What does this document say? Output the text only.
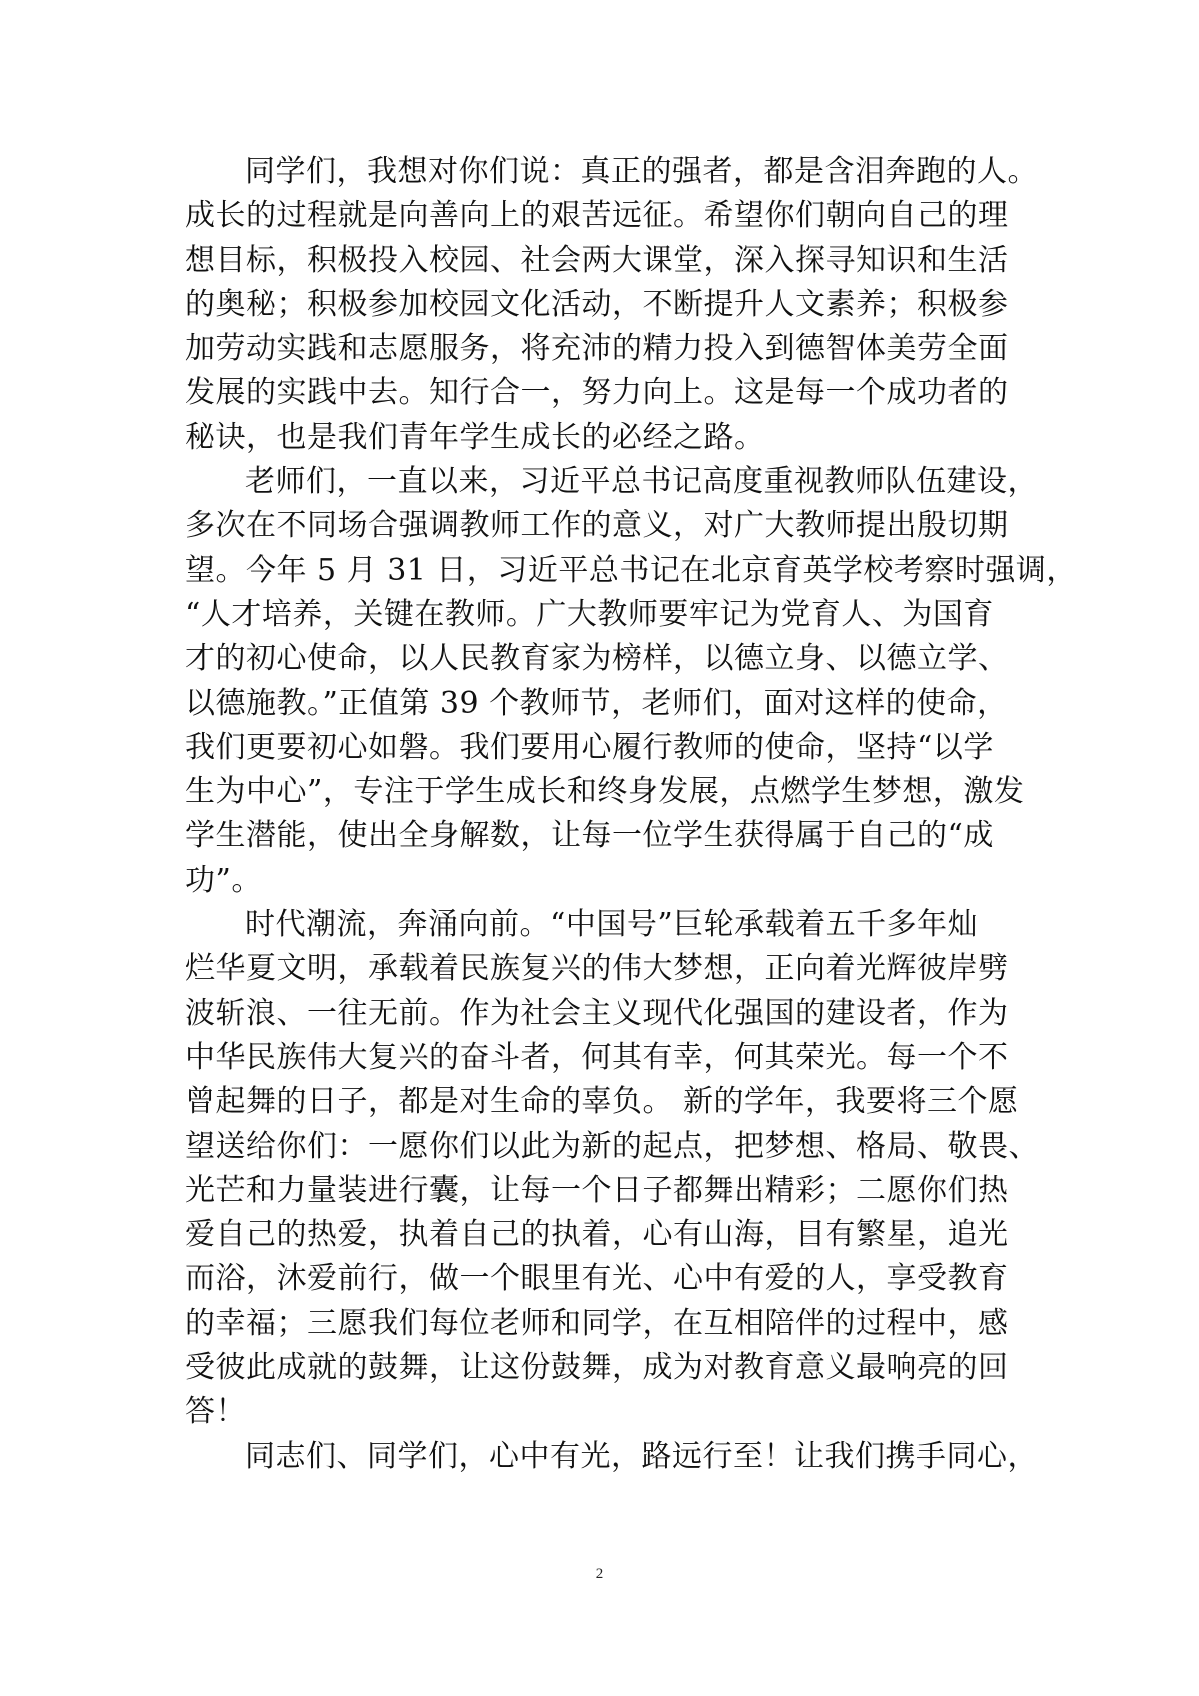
同学们，我想对你们说：真正的强者，都是含泪奔跑的人。
成长的过程就是向善向上的艰苦远征。希望你们朝向自己的理
想目标，积极投入校园、社会两大课堂，深入探寻知识和生活
的奥秘；积极参加校园文化活动，不断提升人文素养；积极参
加劳动实践和志愿服务，将充沛的精力投入到德智体美劳全面
发展的实践中去。知行合一，努力向上。这是每一个成功者的
秘诀，也是我们青年学生成长的必经之路。
老师们，一直以来，习近平总书记高度重视教师队伍建设，
多次在不同场合强调教师工作的意义，对广大教师提出殷切期
望。今年 5 月 31 日，习近平总书记在北京育英学校考察时强调，
“人才培养，关键在教师。广大教师要牢记为党育人、为国育
才的初心使命，以人民教育家为榜样，以德立身、以德立学、
以德施教。”正值第 39 个教师节，老师们，面对这样的使命，
我们更要初心如磐。我们要用心履行教师的使命，坚持“以学
生为中心”，专注于学生成长和终身发展，点燃学生梦想，激发
学生潜能，使出全身解数，让每一位学生获得属于自己的“成
功”。
时代潮流，奔涌向前。“中国号”巨轮承载着五千多年灿
烂华夏文明，承载着民族复兴的伟大梦想，正向着光辉彼岸劈
波斩浪、一往无前。作为社会主义现代化强国的建设者，作为
中华民族伟大复兴的奋斗者，何其有幸，何其荣光。每一个不
曾起舞的日子，都是对生命的辜负。 新的学年，我要将三个愿
望送给你们：一愿你们以此为新的起点，把梦想、格局、敬畏、
光芒和力量装进行囊，让每一个日子都舞出精彩；二愿你们热
爱自己的热爱，执着自己的执着，心有山海，目有繁星，追光
而浴，沐爱前行，做一个眼里有光、心中有爱的人，享受教育
的幸福；三愿我们每位老师和同学，在互相陪伴的过程中，感
受彼此成就的鼓舞，让这份鼓舞，成为对教育意义最响亮的回
答！
同志们、同学们，心中有光，路远行至！让我们携手同心，
2
